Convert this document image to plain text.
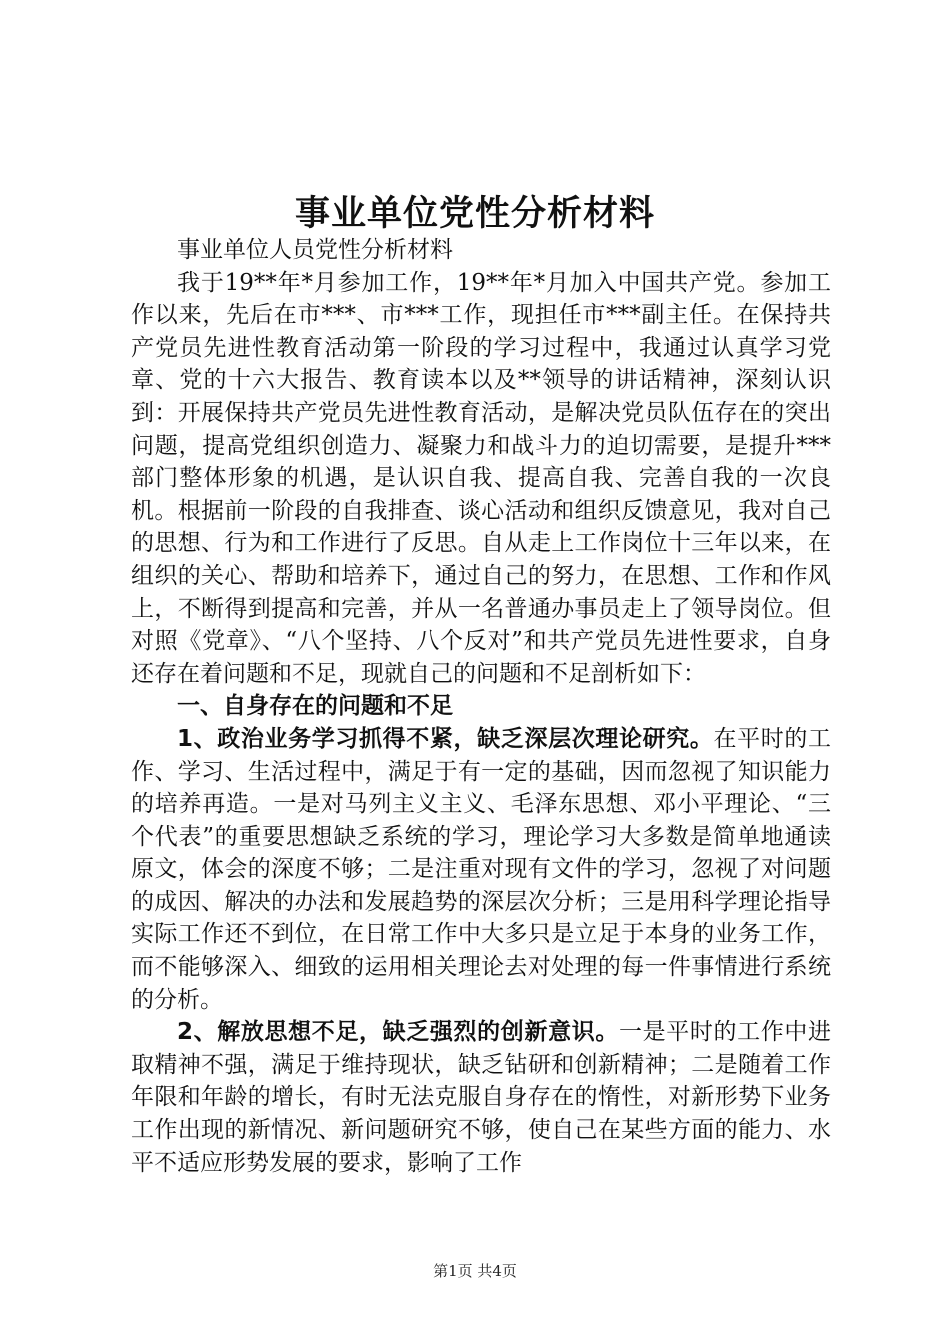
事业单位党性分析材料

事业单位人员党性分析材料

我于19**年*月参加工作，19**年*月加入中国共产党。参加工作以来，先后在市***、市***工作，现担任市***副主任。在保持共产党员先进性教育活动第一阶段的学习过程中，我通过认真学习党章、党的十六大报告、教育读本以及**领导的讲话精神，深刻认识到：开展保持共产党员先进性教育活动，是解决党员队伍存在的突出问题，提高党组织创造力、凝聚力和战斗力的迫切需要，是提升***部门整体形象的机遇，是认识自我、提高自我、完善自我的一次良机。根据前一阶段的自我排查、谈心活动和组织反馈意见，我对自己的思想、行为和工作进行了反思。自从走上工作岗位十三年以来，在组织的关心、帮助和培养下，通过自己的努力，在思想、工作和作风上，不断得到提高和完善，并从一名普通办事员走上了领导岗位。但对照《党章》、“八个坚持、八个反对”和共产党员先进性要求，自身还存在着问题和不足，现就自己的问题和不足剖析如下：

一、自身存在的问题和不足

1、政治业务学习抓得不紧，缺乏深层次理论研究。在平时的工作、学习、生活过程中，满足于有一定的基础，因而忽视了知识能力的培养再造。一是对马列主义主义、毛泽东思想、邓小平理论、“三个代表”的重要思想缺乏系统的学习，理论学习大多数是简单地通读原文，体会的深度不够；二是注重对现有文件的学习，忽视了对问题的成因、解决的办法和发展趋势的深层次分析；三是用科学理论指导实际工作还不到位，在日常工作中大多只是立足于本身的业务工作，而不能够深入、细致的运用相关理论去对处理的每一件事情进行系统的分析。

2、解放思想不足，缺乏强烈的创新意识。一是平时的工作中进取精神不强，满足于维持现状，缺乏钻研和创新精神；二是随着工作年限和年龄的增长，有时无法克服自身存在的惰性，对新形势下业务工作出现的新情况、新问题研究不够，使自己在某些方面的能力、水平不适应形势发展的要求，影响了工作

第1页 共4页
